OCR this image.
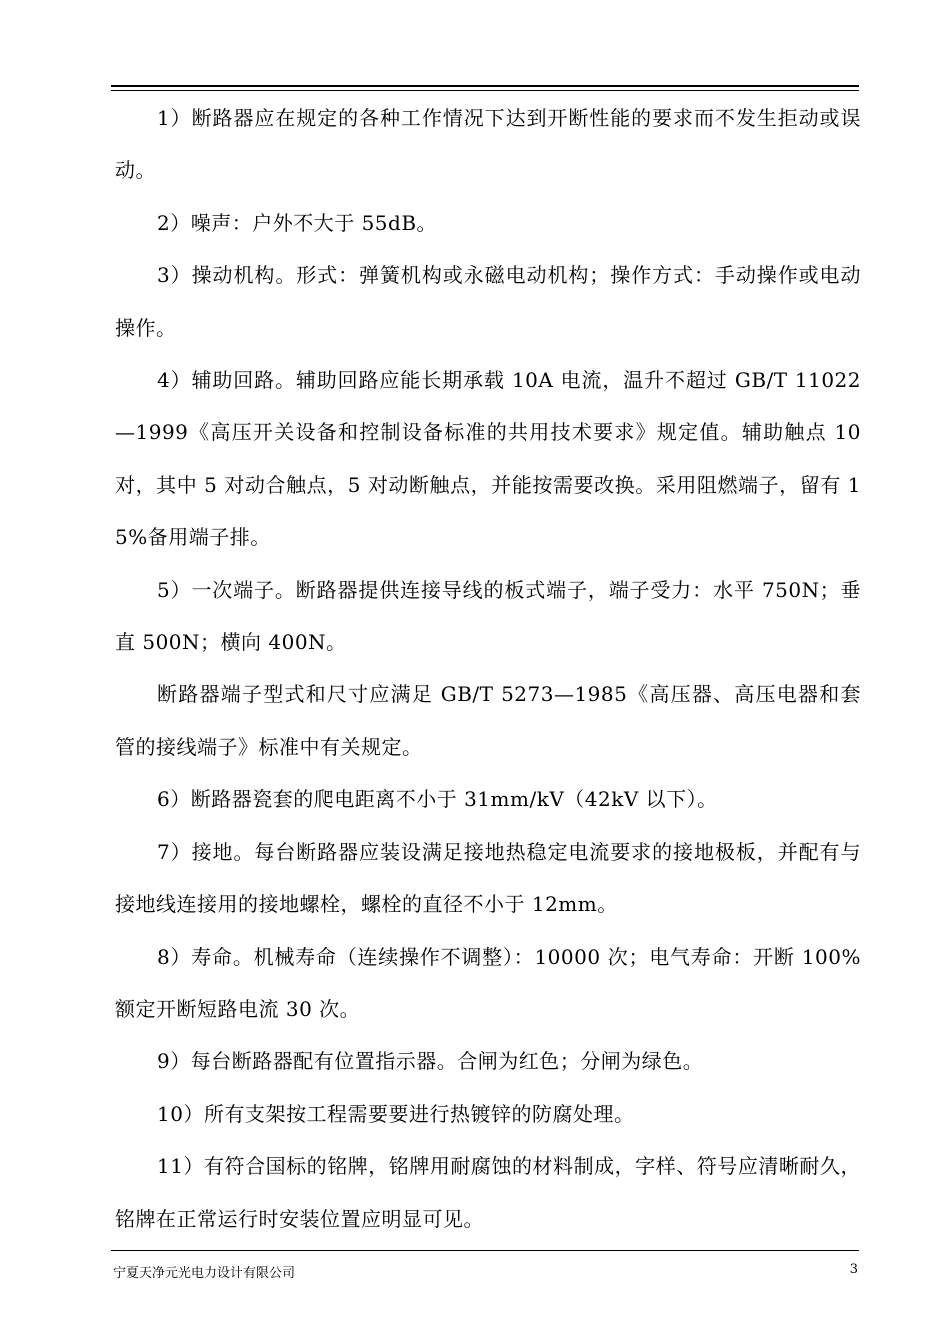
1）断路器应在规定的各种工作情况下达到开断性能的要求而不发生拒动或误动。

2）噪声：户外不大于 55dB。

3）操动机构。形式：弹簧机构或永磁电动机构；操作方式：手动操作或电动操作。

4）辅助回路。辅助回路应能长期承载 10A 电流，温升不超过 GB/T 11022—1999《高压开关设备和控制设备标准的共用技术要求》规定值。辅助触点 10 对，其中 5 对动合触点，5 对动断触点，并能按需要改换。采用阻燃端子，留有 15%备用端子排。

5）一次端子。断路器提供连接导线的板式端子，端子受力：水平 750N；垂直 500N；横向 400N。

断路器端子型式和尺寸应满足 GB/T 5273—1985《高压器、高压电器和套管的接线端子》标准中有关规定。

6）断路器瓷套的爬电距离不小于 31mm/kV（42kV 以下）。

7）接地。每台断路器应装设满足接地热稳定电流要求的接地极板，并配有与接地线连接用的接地螺栓，螺栓的直径不小于 12mm。

8）寿命。机械寿命（连续操作不调整）：10000 次；电气寿命：开断 100%额定开断短路电流 30 次。

9）每台断路器配有位置指示器。合闸为红色；分闸为绿色。

10）所有支架按工程需要要进行热镀锌的防腐处理。

11）有符合国标的铭牌，铭牌用耐腐蚀的材料制成，字样、符号应清晰耐久，铭牌在正常运行时安装位置应明显可见。

宁夏天净元光电力设计有限公司	3
